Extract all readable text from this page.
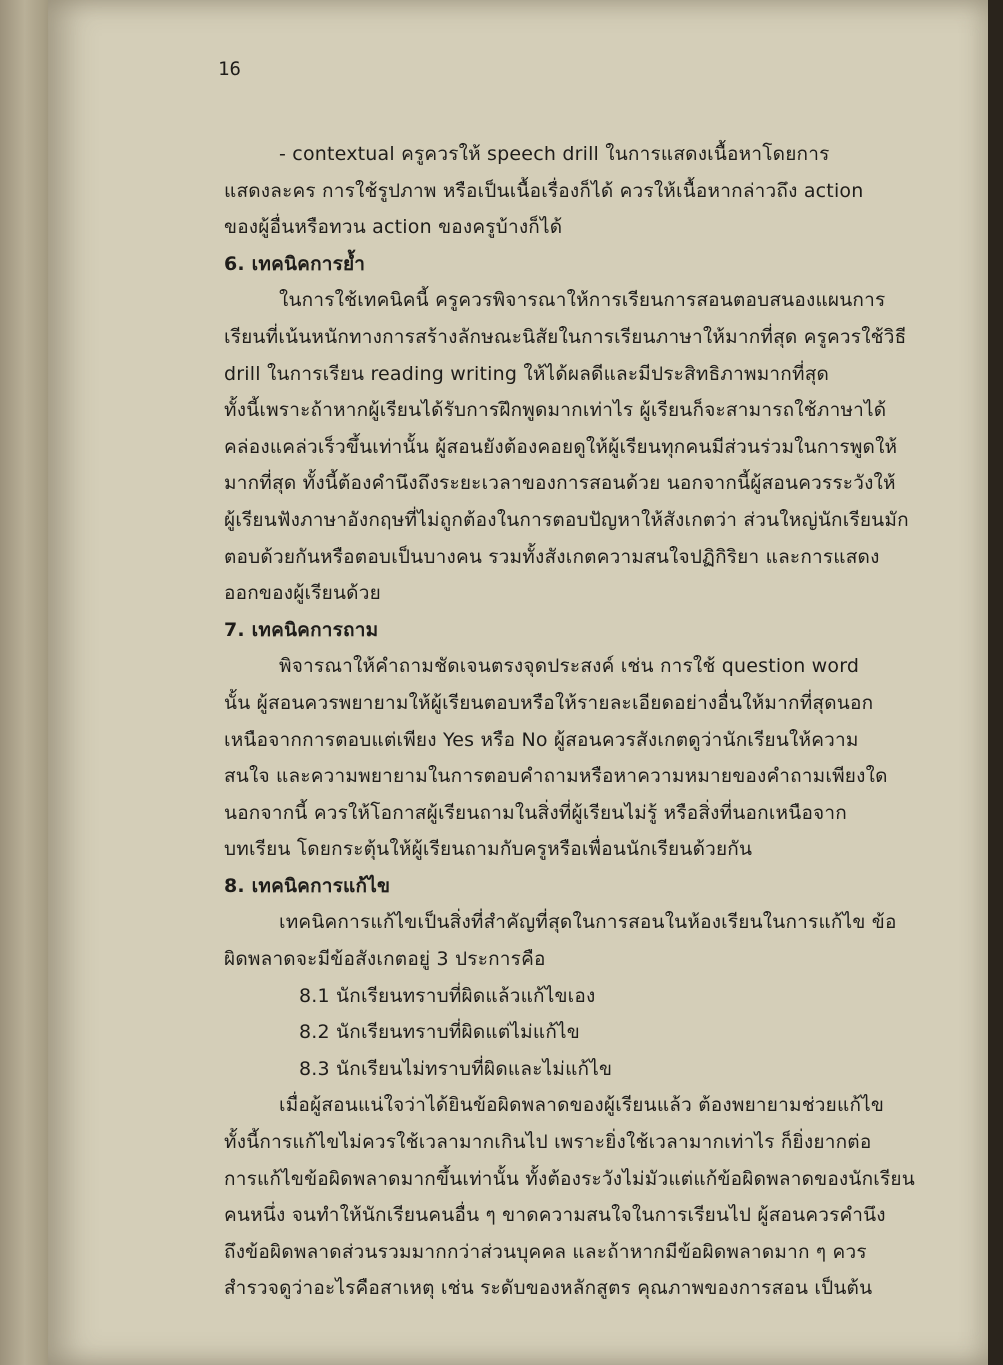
16
- contextual ครูควรให้ speech drill ในการแสดงเนื้อหาโดยการ
แสดงละคร การใช้รูปภาพ หรือเป็นเนื้อเรื่องก็ได้ ควรให้เนื้อหากล่าวถึง action
ของผู้อื่นหรือทวน action ของครูบ้างก็ได้
6. เทคนิคการย้ำ
ในการใช้เทคนิคนี้ ครูควรพิจารณาให้การเรียนการสอนตอบสนองแผนการ
เรียนที่เน้นหนักทางการสร้างลักษณะนิสัยในการเรียนภาษาให้มากที่สุด ครูควรใช้วิธี
drill ในการเรียน reading writing ให้ได้ผลดีและมีประสิทธิภาพมากที่สุด
ทั้งนี้เพราะถ้าหากผู้เรียนได้รับการฝึกพูดมากเท่าไร ผู้เรียนก็จะสามารถใช้ภาษาได้
คล่องแคล่วเร็วขึ้นเท่านั้น ผู้สอนยังต้องคอยดูให้ผู้เรียนทุกคนมีส่วนร่วมในการพูดให้
มากที่สุด ทั้งนี้ต้องคำนึงถึงระยะเวลาของการสอนด้วย นอกจากนี้ผู้สอนควรระวังให้
ผู้เรียนฟังภาษาอังกฤษที่ไม่ถูกต้องในการตอบปัญหาให้สังเกตว่า ส่วนใหญ่นักเรียนมัก
ตอบด้วยกันหรือตอบเป็นบางคน รวมทั้งสังเกตความสนใจปฏิกิริยา และการแสดง
ออกของผู้เรียนด้วย
7. เทคนิคการถาม
พิจารณาให้คำถามชัดเจนตรงจุดประสงค์ เช่น การใช้ question word
นั้น ผู้สอนควรพยายามให้ผู้เรียนตอบหรือให้รายละเอียดอย่างอื่นให้มากที่สุดนอก
เหนือจากการตอบแต่เพียง Yes หรือ No ผู้สอนควรสังเกตดูว่านักเรียนให้ความ
สนใจ และความพยายามในการตอบคำถามหรือหาความหมายของคำถามเพียงใด
นอกจากนี้ ควรให้โอกาสผู้เรียนถามในสิ่งที่ผู้เรียนไม่รู้ หรือสิ่งที่นอกเหนือจาก
บทเรียน โดยกระตุ้นให้ผู้เรียนถามกับครูหรือเพื่อนนักเรียนด้วยกัน
8. เทคนิคการแก้ไข
เทคนิคการแก้ไขเป็นสิ่งที่สำคัญที่สุดในการสอนในห้องเรียนในการแก้ไข ข้อ
ผิดพลาดจะมีข้อสังเกตอยู่ 3 ประการคือ
8.1 นักเรียนทราบที่ผิดแล้วแก้ไขเอง
8.2 นักเรียนทราบที่ผิดแต่ไม่แก้ไข
8.3 นักเรียนไม่ทราบที่ผิดและไม่แก้ไข
เมื่อผู้สอนแน่ใจว่าได้ยินข้อผิดพลาดของผู้เรียนแล้ว ต้องพยายามช่วยแก้ไข
ทั้งนี้การแก้ไขไม่ควรใช้เวลามากเกินไป เพราะยิ่งใช้เวลามากเท่าไร ก็ยิ่งยากต่อ
การแก้ไขข้อผิดพลาดมากขึ้นเท่านั้น ทั้งต้องระวังไม่มัวแต่แก้ข้อผิดพลาดของนักเรียน
คนหนึ่ง จนทำให้นักเรียนคนอื่น ๆ ขาดความสนใจในการเรียนไป ผู้สอนควรคำนึง
ถึงข้อผิดพลาดส่วนรวมมากกว่าส่วนบุคคล และถ้าหากมีข้อผิดพลาดมาก ๆ ควร
สำรวจดูว่าอะไรคือสาเหตุ เช่น ระดับของหลักสูตร คุณภาพของการสอน เป็นต้น
